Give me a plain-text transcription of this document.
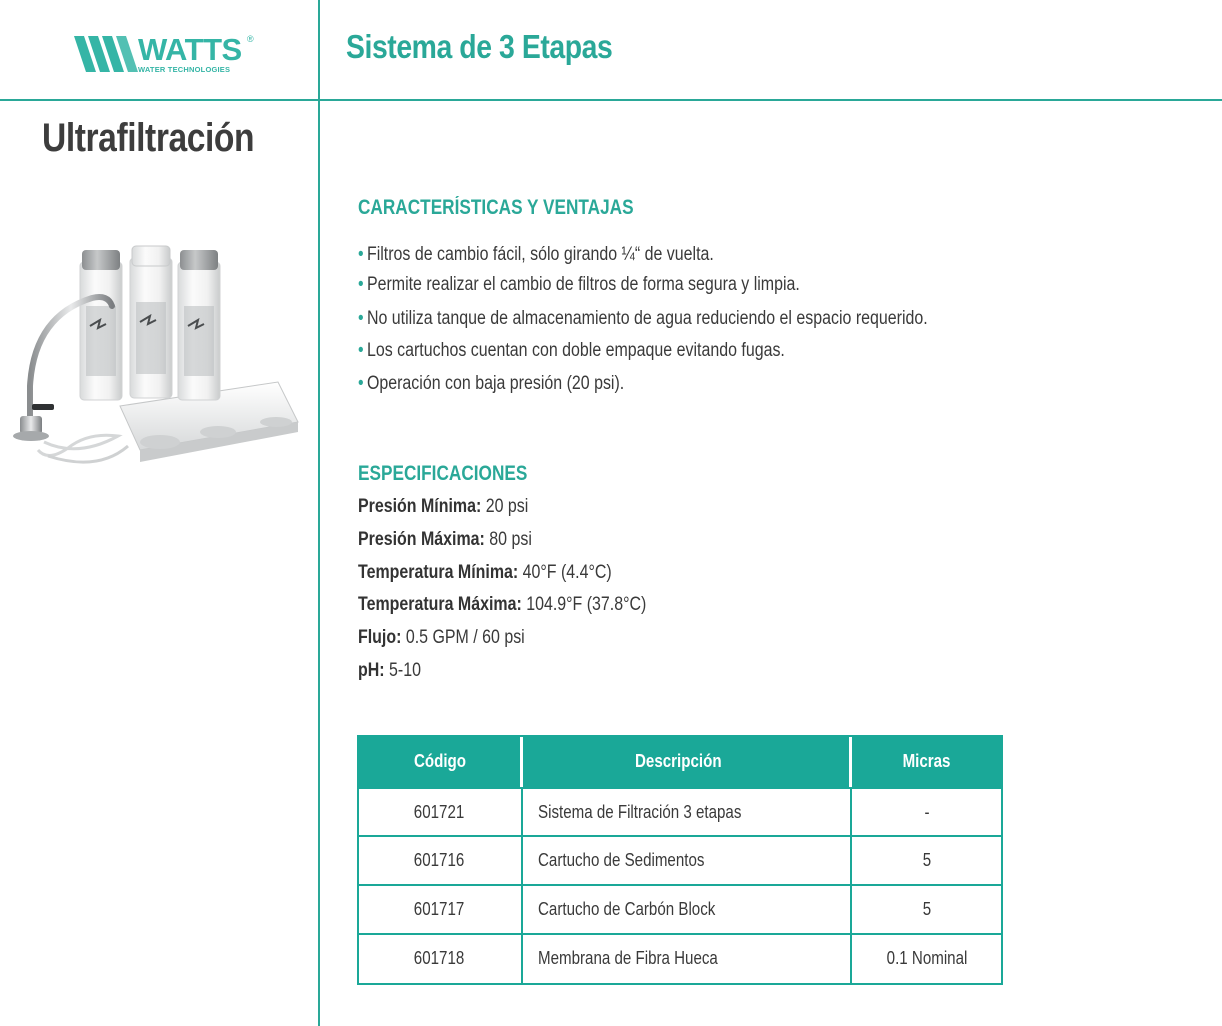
WATTS ®
WATER TECHNOLOGIES
Sistema de 3 Etapas
Ultrafiltración
CARACTERÍSTICAS Y VENTAJAS
• Filtros de cambio fácil, sólo girando ¼“ de vuelta.
• Permite realizar el cambio de filtros de forma segura y limpia.
• No utiliza tanque de almacenamiento de agua reduciendo el espacio requerido.
• Los cartuchos cuentan con doble empaque evitando fugas.
• Operación con baja presión (20 psi).
ESPECIFICACIONES
Presión Mínima: 20 psi
Presión Máxima: 80 psi
Temperatura Mínima: 40°F (4.4°C)
Temperatura Máxima: 104.9°F (37.8°C)
Flujo: 0.5 GPM / 60 psi
pH: 5-10
Código	Descripción	Micras
601721	Sistema de Filtración 3 etapas	-
601716	Cartucho de Sedimentos	5
601717	Cartucho de Carbón Block	5
601718	Membrana de Fibra Hueca	0.1 Nominal
